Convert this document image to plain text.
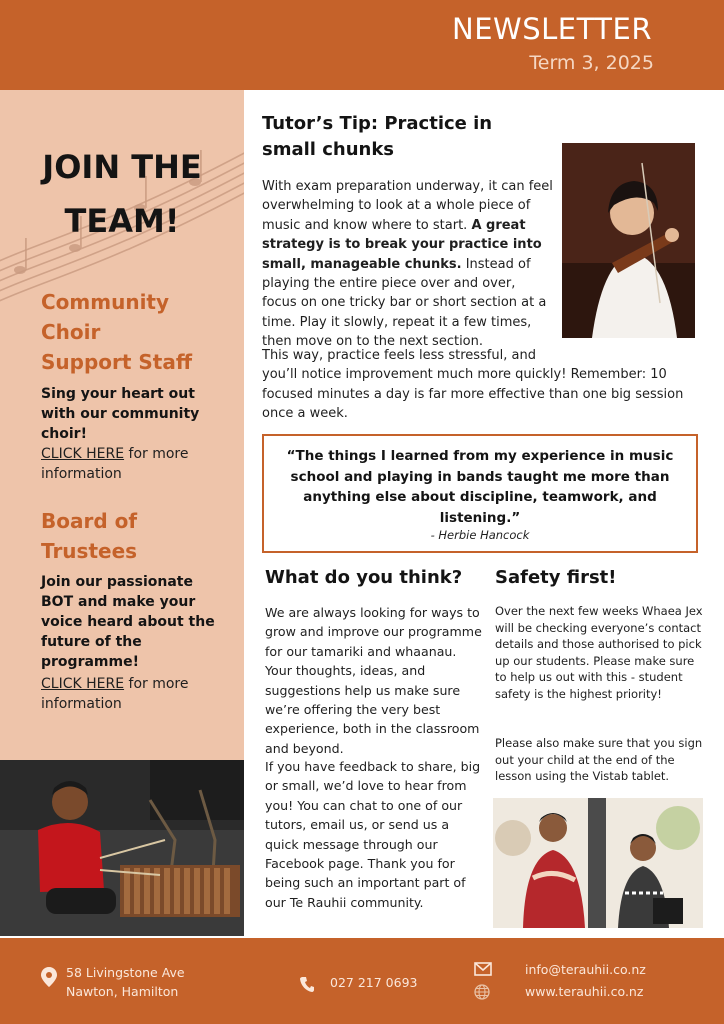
NEWSLETTER
Term 3, 2025
JOIN THE
TEAM!
Community
Choir
Support Staff
Sing your heart out
with our community
choir!
CLICK HERE for more
information
Board of
Trustees
Join our passionate
BOT and make your
voice heard about the
future of the
programme!
CLICK HERE for more
information
Tutor’s Tip: Practice in small chunks
With exam preparation underway, it can feel overwhelming to look at a whole piece of music and know where to start. A great strategy is to break your practice into small, manageable chunks. Instead of playing the entire piece over and over, focus on one tricky bar or short section at a time. Play it slowly, repeat it a few times, then move on to the next section.
This way, practice feels less stressful, and
you’ll notice improvement much more quickly! Remember: 10 focused minutes a day is far more effective than one big session once a week.
“The things I learned from my experience in music school and playing in bands taught me more than anything else about discipline, teamwork, and listening.”
- Herbie Hancock
What do you think?
We are always looking for ways to grow and improve our programme for our tamariki and whaanau. Your thoughts, ideas, and suggestions help us make sure we’re offering the very best experience, both in the classroom and beyond.
If you have feedback to share, big or small, we’d love to hear from you! You can chat to one of our tutors, email us, or send us a quick message through our Facebook page. Thank you for being such an important part of our Te Rauhii community.
Safety first!
Over the next few weeks Whaea Jex will be checking everyone’s contact details and those authorised to pick up our students. Please make sure to help us out with this - student safety is the highest priority!
Please also make sure that you sign out your child at the end of the lesson using the Vistab tablet.
58 Livingstone Ave
Nawton, Hamilton
027 217 0693
info@terauhii.co.nz
www.terauhii.co.nz
